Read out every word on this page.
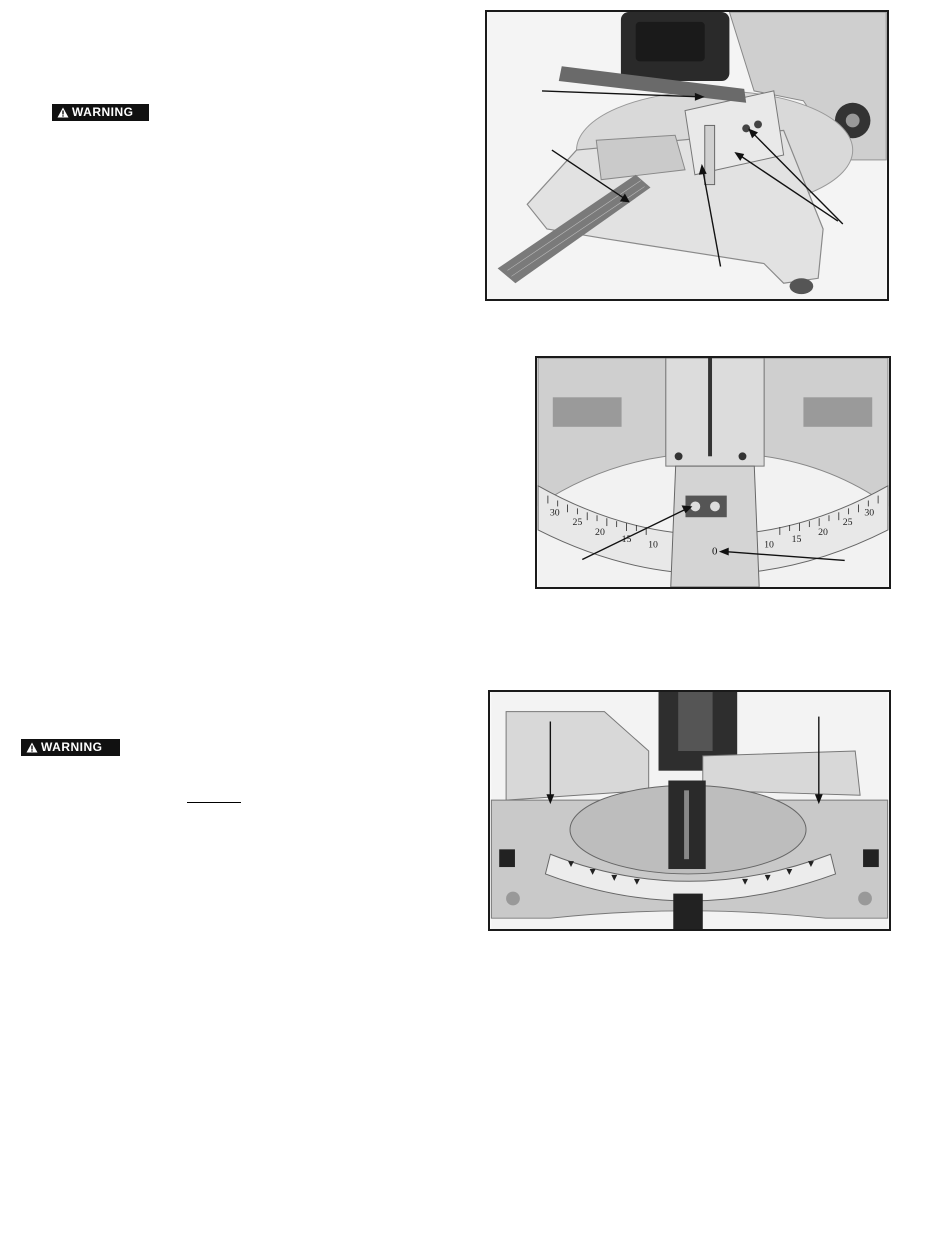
WARNING
WARNING
30
25
20
15
10	10
15
20
25
30
0
